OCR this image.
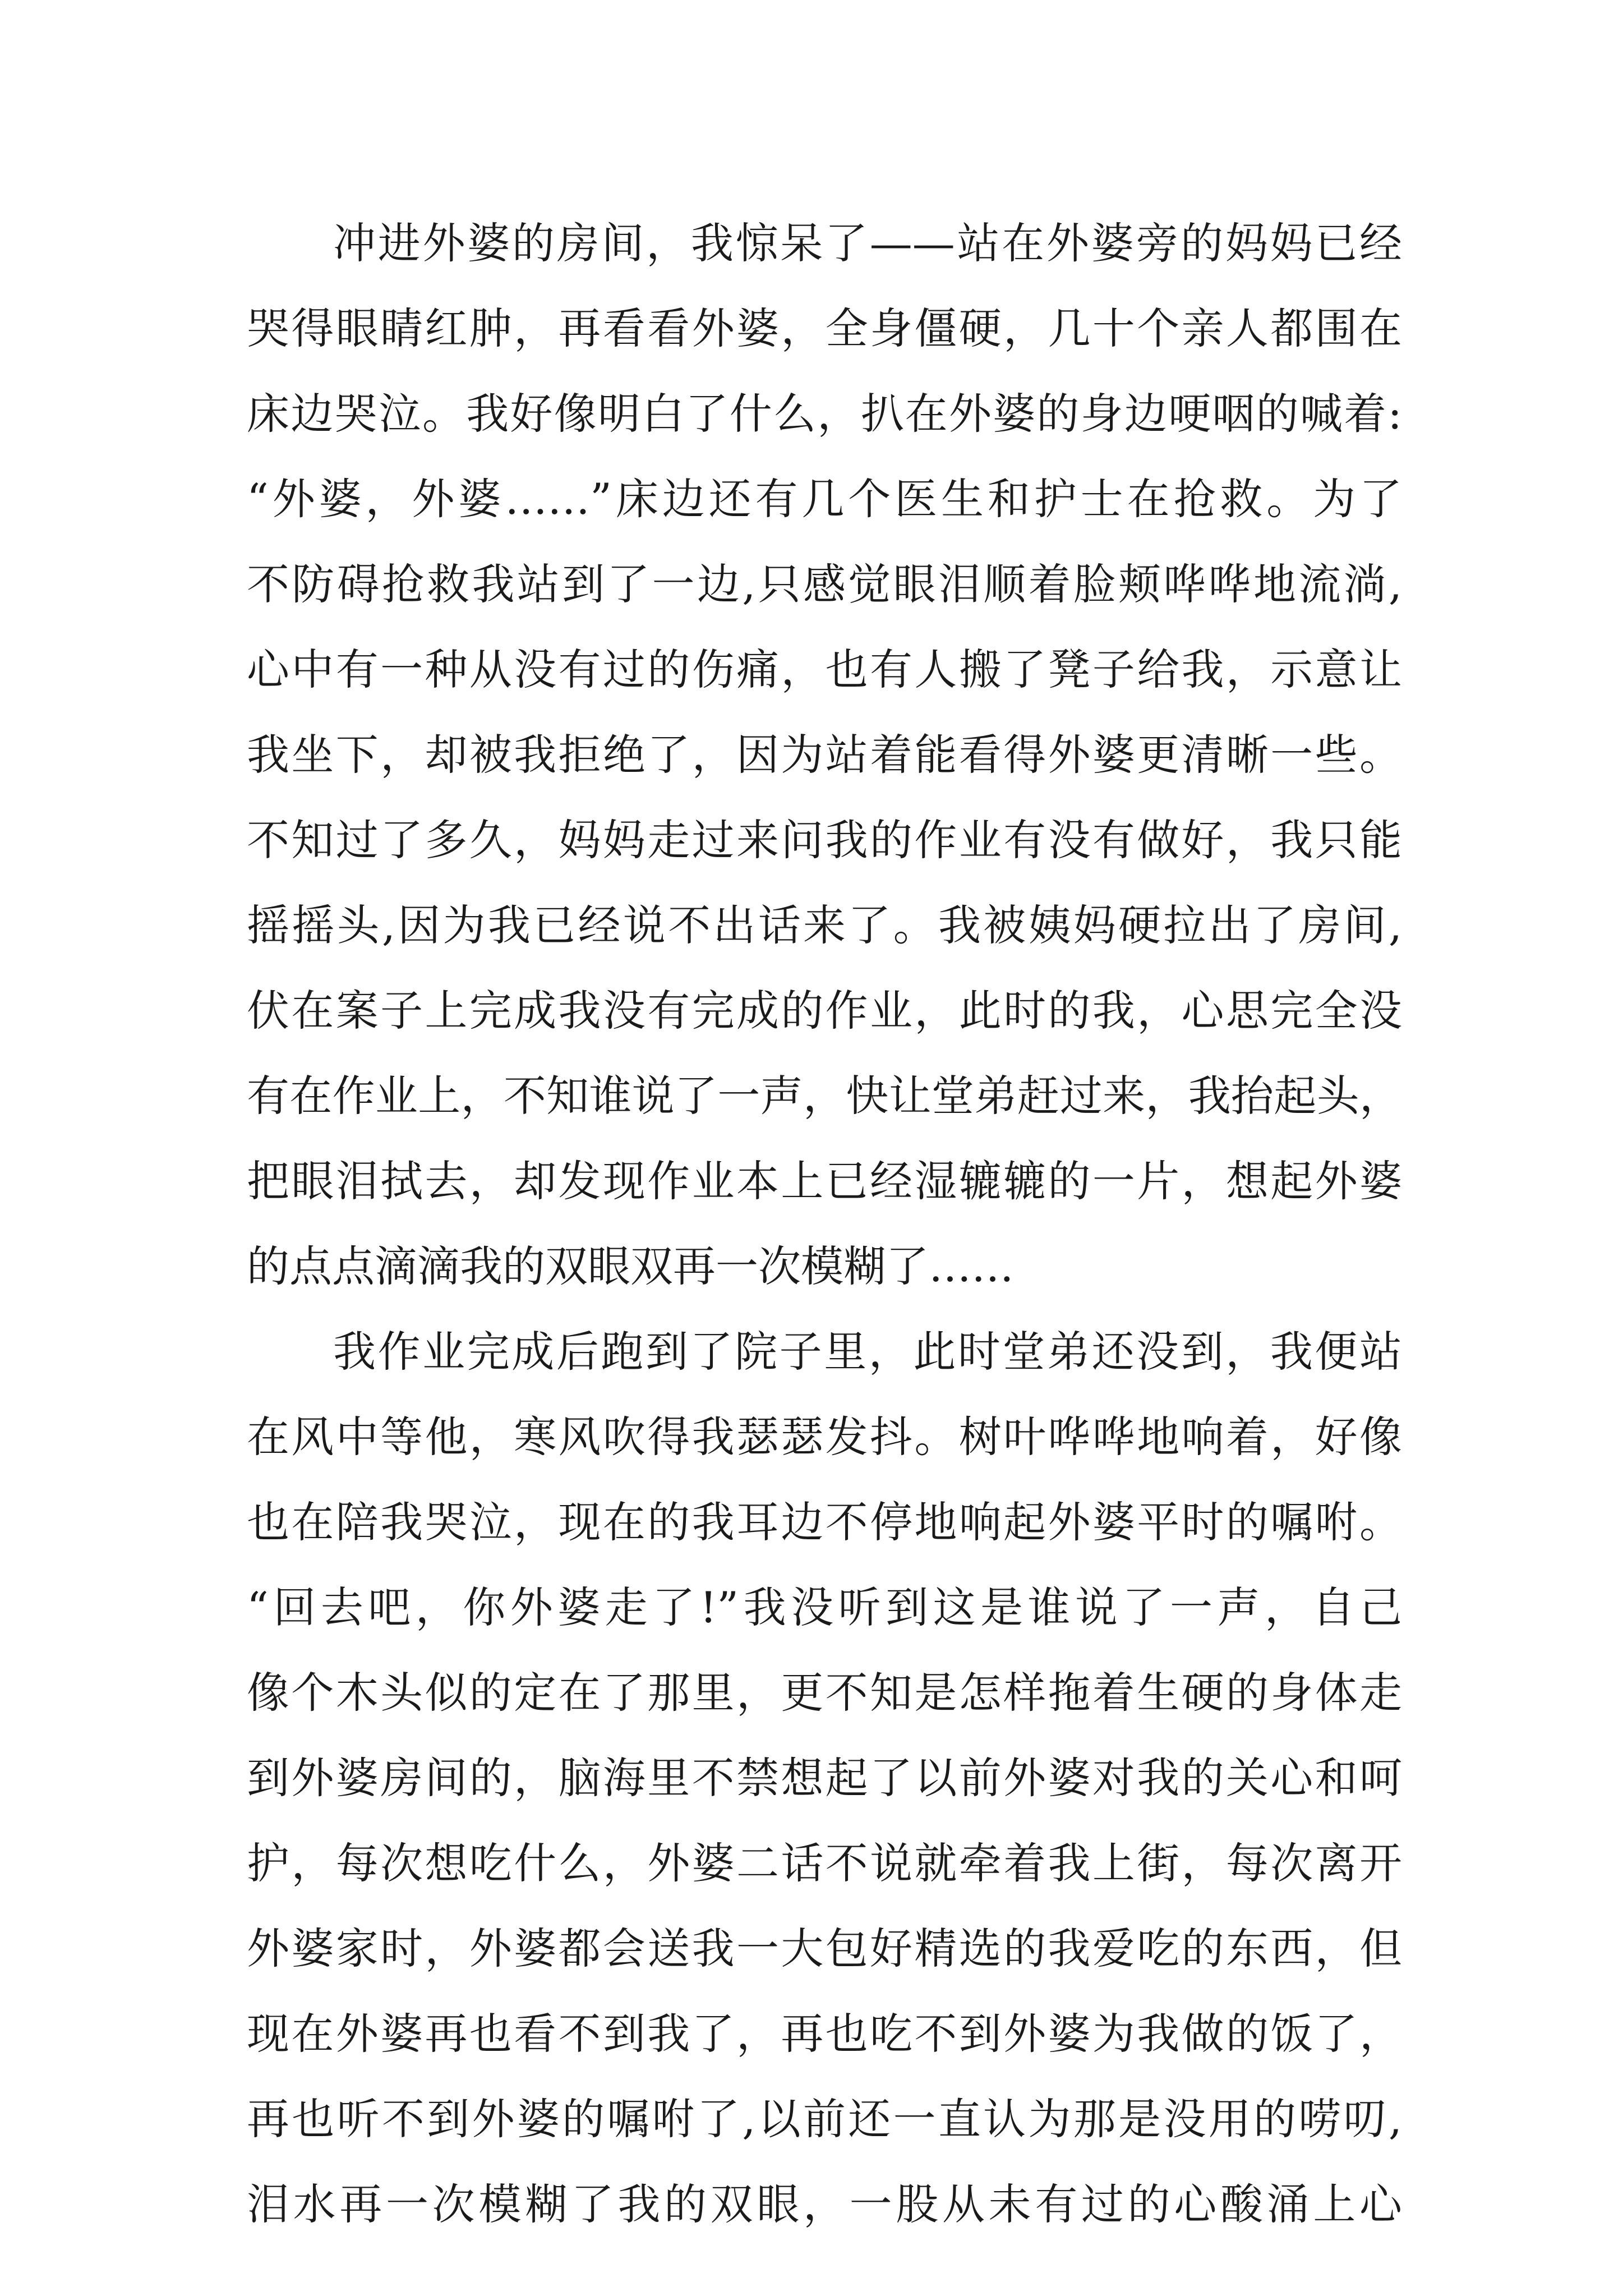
冲进外婆的房间，我惊呆了——站在外婆旁的妈妈已经
哭得眼睛红肿，再看看外婆，全身僵硬，几十个亲人都围在
床边哭泣。我好像明白了什么，扒在外婆的身边哽咽的喊着:
“外婆，外婆……”床边还有几个医生和护士在抢救。为了
不防碍抢救我站到了一边,只感觉眼泪顺着脸颊哗哗地流淌,
心中有一种从没有过的伤痛，也有人搬了凳子给我，示意让
我坐下，却被我拒绝了，因为站着能看得外婆更清晰一些。
不知过了多久，妈妈走过来问我的作业有没有做好，我只能
摇摇头,因为我已经说不出话来了。我被姨妈硬拉出了房间,
伏在案子上完成我没有完成的作业，此时的我，心思完全没
有在作业上，不知谁说了一声，快让堂弟赶过来，我抬起头，
把眼泪拭去，却发现作业本上已经湿辘辘的一片，想起外婆
的点点滴滴我的双眼双再一次模糊了……
我作业完成后跑到了院子里，此时堂弟还没到，我便站
在风中等他，寒风吹得我瑟瑟发抖。树叶哗哗地响着，好像
也在陪我哭泣，现在的我耳边不停地响起外婆平时的嘱咐。
“回去吧，你外婆走了!”我没听到这是谁说了一声，自己
像个木头似的定在了那里，更不知是怎样拖着生硬的身体走
到外婆房间的，脑海里不禁想起了以前外婆对我的关心和呵
护，每次想吃什么，外婆二话不说就牵着我上街，每次离开
外婆家时，外婆都会送我一大包好精选的我爱吃的东西，但
现在外婆再也看不到我了，再也吃不到外婆为我做的饭了，
再也听不到外婆的嘱咐了,以前还一直认为那是没用的唠叨,
泪水再一次模糊了我的双眼，一股从未有过的心酸涌上心
